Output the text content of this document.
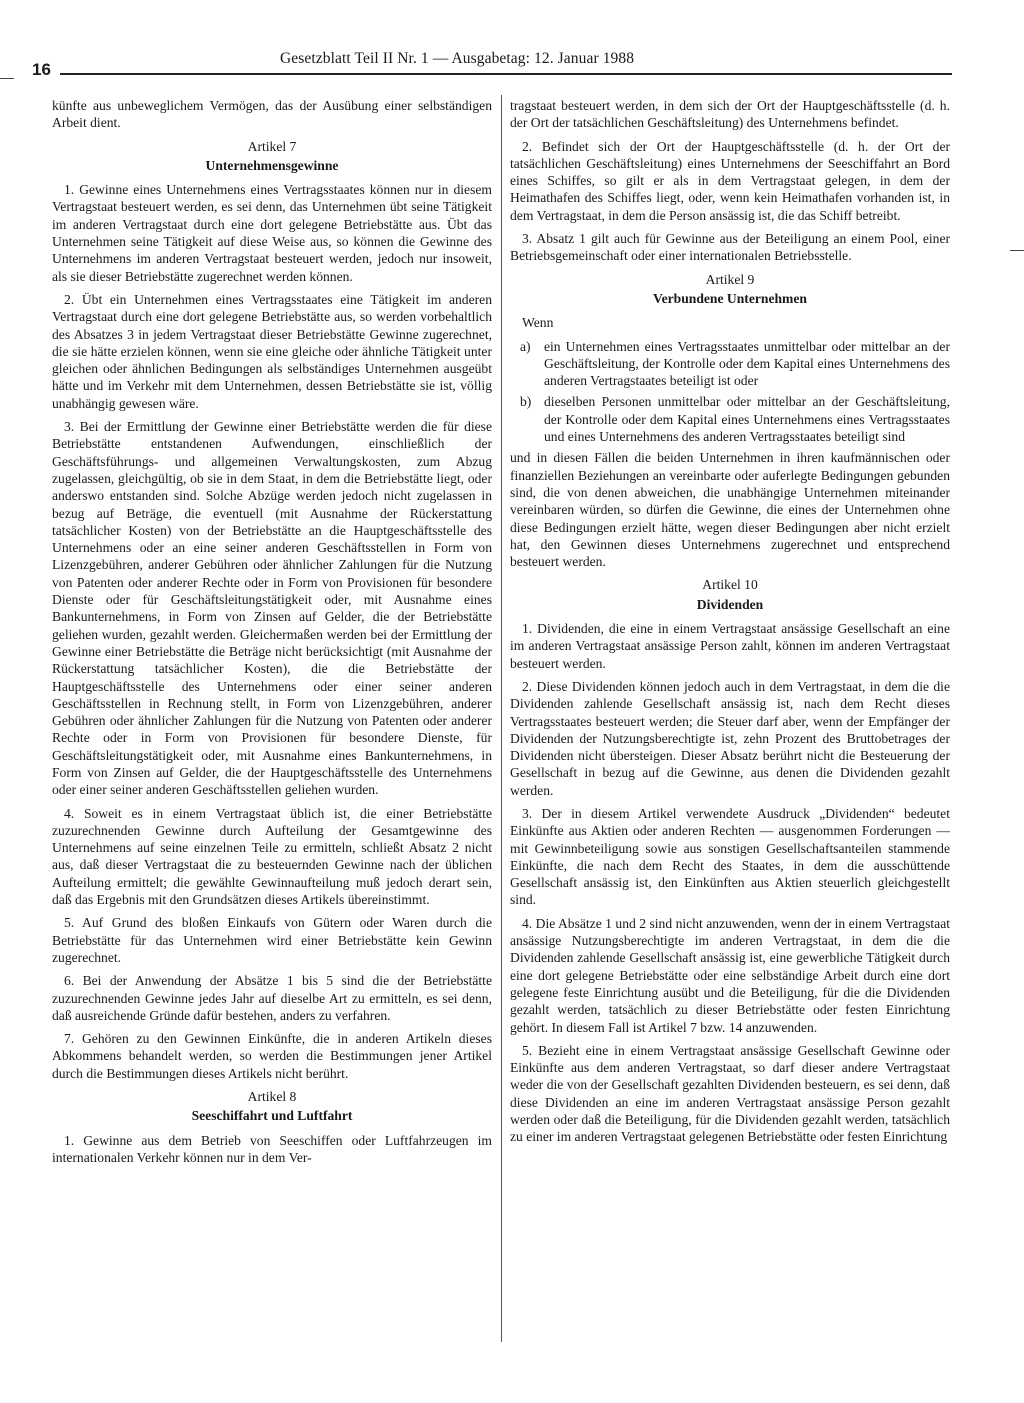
16
Gesetzblatt Teil II Nr. 1 — Ausgabetag: 12. Januar 1988

künfte aus unbeweglichem Vermögen, das der Ausübung einer selbständigen Arbeit dient.

Artikel 7
Unternehmensgewinne

1. Gewinne eines Unternehmens eines Vertragsstaates können nur in diesem Vertragstaat besteuert werden, es sei denn, das Unternehmen übt seine Tätigkeit im anderen Vertragstaat durch eine dort gelegene Betriebstätte aus. Übt das Unternehmen seine Tätigkeit auf diese Weise aus, so können die Gewinne des Unternehmens im anderen Vertragstaat besteuert werden, jedoch nur insoweit, als sie dieser Betriebstätte zugerechnet werden können.

2. Übt ein Unternehmen eines Vertragsstaates eine Tätigkeit im anderen Vertragstaat durch eine dort gelegene Betriebstätte aus, so werden vorbehaltlich des Absatzes 3 in jedem Vertragstaat dieser Betriebstätte Gewinne zugerechnet, die sie hätte erzielen können, wenn sie eine gleiche oder ähnliche Tätigkeit unter gleichen oder ähnlichen Bedingungen als selbständiges Unternehmen ausgeübt hätte und im Verkehr mit dem Unternehmen, dessen Betriebstätte sie ist, völlig unabhängig gewesen wäre.

3. Bei der Ermittlung der Gewinne einer Betriebstätte werden die für diese Betriebstätte entstandenen Aufwendungen, einschließlich der Geschäftsführungs- und allgemeinen Verwaltungskosten, zum Abzug zugelassen, gleichgültig, ob sie in dem Staat, in dem die Betriebstätte liegt, oder anderswo entstanden sind. Solche Abzüge werden jedoch nicht zugelassen in bezug auf Beträge, die eventuell (mit Ausnahme der Rückerstattung tatsächlicher Kosten) von der Betriebstätte an die Hauptgeschäftsstelle des Unternehmens oder an eine seiner anderen Geschäftsstellen in Form von Lizenzgebühren, anderer Gebühren oder ähnlicher Zahlungen für die Nutzung von Patenten oder anderer Rechte oder in Form von Provisionen für besondere Dienste oder für Geschäftsleitungstätigkeit oder, mit Ausnahme eines Bankunternehmens, in Form von Zinsen auf Gelder, die der Betriebstätte geliehen wurden, gezahlt werden. Gleichermaßen werden bei der Ermittlung der Gewinne einer Betriebstätte die Beträge nicht berücksichtigt (mit Ausnahme der Rückerstattung tatsächlicher Kosten), die die Betriebstätte der Hauptgeschäftsstelle des Unternehmens oder einer seiner anderen Geschäftsstellen in Rechnung stellt, in Form von Lizenzgebühren, anderer Gebühren oder ähnlicher Zahlungen für die Nutzung von Patenten oder anderer Rechte oder in Form von Provisionen für besondere Dienste, für Geschäftsleitungstätigkeit oder, mit Ausnahme eines Bankunternehmens, in Form von Zinsen auf Gelder, die der Hauptgeschäftsstelle des Unternehmens oder einer seiner anderen Geschäftsstellen geliehen wurden.

4. Soweit es in einem Vertragstaat üblich ist, die einer Betriebstätte zuzurechnenden Gewinne durch Aufteilung der Gesamtgewinne des Unternehmens auf seine einzelnen Teile zu ermitteln, schließt Absatz 2 nicht aus, daß dieser Vertragstaat die zu besteuernden Gewinne nach der üblichen Aufteilung ermittelt; die gewählte Gewinnaufteilung muß jedoch derart sein, daß das Ergebnis mit den Grundsätzen dieses Artikels übereinstimmt.

5. Auf Grund des bloßen Einkaufs von Gütern oder Waren durch die Betriebstätte für das Unternehmen wird einer Betriebstätte kein Gewinn zugerechnet.

6. Bei der Anwendung der Absätze 1 bis 5 sind die der Betriebstätte zuzurechnenden Gewinne jedes Jahr auf dieselbe Art zu ermitteln, es sei denn, daß ausreichende Gründe dafür bestehen, anders zu verfahren.

7. Gehören zu den Gewinnen Einkünfte, die in anderen Artikeln dieses Abkommens behandelt werden, so werden die Bestimmungen jener Artikel durch die Bestimmungen dieses Artikels nicht berührt.

Artikel 8
Seeschiffahrt und Luftfahrt

1. Gewinne aus dem Betrieb von Seeschiffen oder Luftfahrzeugen im internationalen Verkehr können nur in dem Ver-

tragstaat besteuert werden, in dem sich der Ort der Hauptgeschäftsstelle (d. h. der Ort der tatsächlichen Geschäftsleitung) des Unternehmens befindet.

2. Befindet sich der Ort der Hauptgeschäftsstelle (d. h. der Ort der tatsächlichen Geschäftsleitung) eines Unternehmens der Seeschiffahrt an Bord eines Schiffes, so gilt er als in dem Vertragstaat gelegen, in dem der Heimathafen des Schiffes liegt, oder, wenn kein Heimathafen vorhanden ist, in dem Vertragstaat, in dem die Person ansässig ist, die das Schiff betreibt.

3. Absatz 1 gilt auch für Gewinne aus der Beteiligung an einem Pool, einer Betriebsgemeinschaft oder einer internationalen Betriebsstelle.

Artikel 9
Verbundene Unternehmen

Wenn

a) ein Unternehmen eines Vertragsstaates unmittelbar oder mittelbar an der Geschäftsleitung, der Kontrolle oder dem Kapital eines Unternehmens des anderen Vertragstaates beteiligt ist oder
b) dieselben Personen unmittelbar oder mittelbar an der Geschäftsleitung, der Kontrolle oder dem Kapital eines Unternehmens eines Vertragsstaates und eines Unternehmens des anderen Vertragsstaates beteiligt sind

und in diesen Fällen die beiden Unternehmen in ihren kaufmännischen oder finanziellen Beziehungen an vereinbarte oder auferlegte Bedingungen gebunden sind, die von denen abweichen, die unabhängige Unternehmen miteinander vereinbaren würden, so dürfen die Gewinne, die eines der Unternehmen ohne diese Bedingungen erzielt hätte, wegen dieser Bedingungen aber nicht erzielt hat, den Gewinnen dieses Unternehmens zugerechnet und entsprechend besteuert werden.

Artikel 10
Dividenden

1. Dividenden, die eine in einem Vertragstaat ansässige Gesellschaft an eine im anderen Vertragstaat ansässige Person zahlt, können im anderen Vertragstaat besteuert werden.

2. Diese Dividenden können jedoch auch in dem Vertragstaat, in dem die die Dividenden zahlende Gesellschaft ansässig ist, nach dem Recht dieses Vertragsstaates besteuert werden; die Steuer darf aber, wenn der Empfänger der Dividenden der Nutzungsberechtigte ist, zehn Prozent des Bruttobetrages der Dividenden nicht übersteigen. Dieser Absatz berührt nicht die Besteuerung der Gesellschaft in bezug auf die Gewinne, aus denen die Dividenden gezahlt werden.

3. Der in diesem Artikel verwendete Ausdruck „Dividenden“ bedeutet Einkünfte aus Aktien oder anderen Rechten — ausgenommen Forderungen — mit Gewinnbeteiligung sowie aus sonstigen Gesellschaftsanteilen stammende Einkünfte, die nach dem Recht des Staates, in dem die ausschüttende Gesellschaft ansässig ist, den Einkünften aus Aktien steuerlich gleichgestellt sind.

4. Die Absätze 1 und 2 sind nicht anzuwenden, wenn der in einem Vertragstaat ansässige Nutzungsberechtigte im anderen Vertragstaat, in dem die die Dividenden zahlende Gesellschaft ansässig ist, eine gewerbliche Tätigkeit durch eine dort gelegene Betriebstätte oder eine selbständige Arbeit durch eine dort gelegene feste Einrichtung ausübt und die Beteiligung, für die die Dividenden gezahlt werden, tatsächlich zu dieser Betriebstätte oder festen Einrichtung gehört. In diesem Fall ist Artikel 7 bzw. 14 anzuwenden.

5. Bezieht eine in einem Vertragstaat ansässige Gesellschaft Gewinne oder Einkünfte aus dem anderen Vertragstaat, so darf dieser andere Vertragstaat weder die von der Gesellschaft gezahlten Dividenden besteuern, es sei denn, daß diese Dividenden an eine im anderen Vertragstaat ansässige Person gezahlt werden oder daß die Beteiligung, für die Dividenden gezahlt werden, tatsächlich zu einer im anderen Vertragstaat gelegenen Betriebstätte oder festen Einrichtung
